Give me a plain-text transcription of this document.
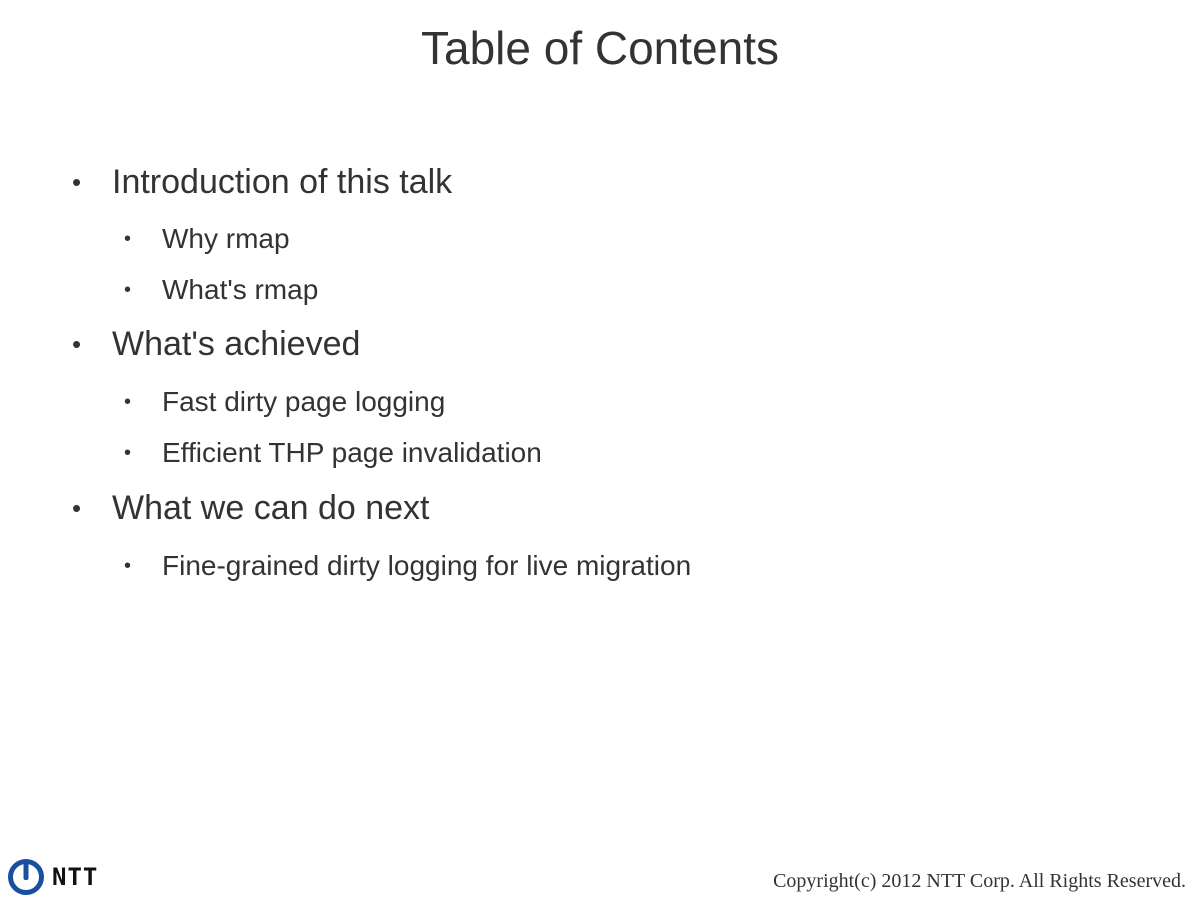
Table of Contents
• Introduction of this talk
• Why rmap
• What's rmap
• What's achieved
• Fast dirty page logging
• Efficient THP page invalidation
• What we can do next
• Fine-grained dirty logging for live migration
NTT	Copyright(c) 2012 NTT Corp. All Rights Reserved.
